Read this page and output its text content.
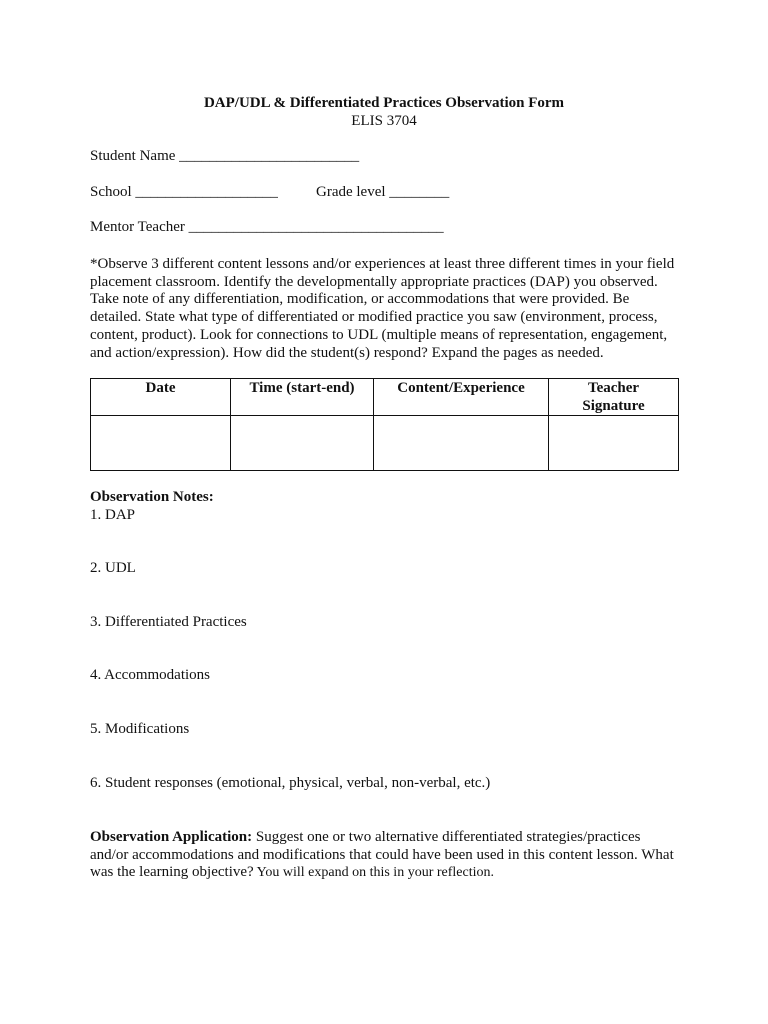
DAP/UDL & Differentiated Practices Observation Form

ELIS 3704

Student Name ________________________

School ___________________	Grade level ________

Mentor Teacher __________________________________

*Observe 3 different content lessons and/or experiences at least three different times in your field

placement classroom. Identify the developmentally appropriate practices (DAP) you observed.

Take note of any differentiation, modification, or accommodations that were provided. Be

detailed. State what type of differentiated or modified practice you saw (environment, process,

content, product). Look for connections to UDL (multiple means of representation, engagement,

and action/expression). How did the student(s) respond? Expand the pages as needed.

Date	Time (start-end)	Content/Experience	Teacher
Signature

Observation Notes:

1. DAP

2. UDL

3. Differentiated Practices

4. Accommodations

5. Modifications

6. Student responses (emotional, physical, verbal, non-verbal, etc.)

Observation Application: Suggest one or two alternative differentiated strategies/practices

and/or accommodations and modifications that could have been used in this content lesson. What

was the learning objective? You will expand on this in your reflection.
